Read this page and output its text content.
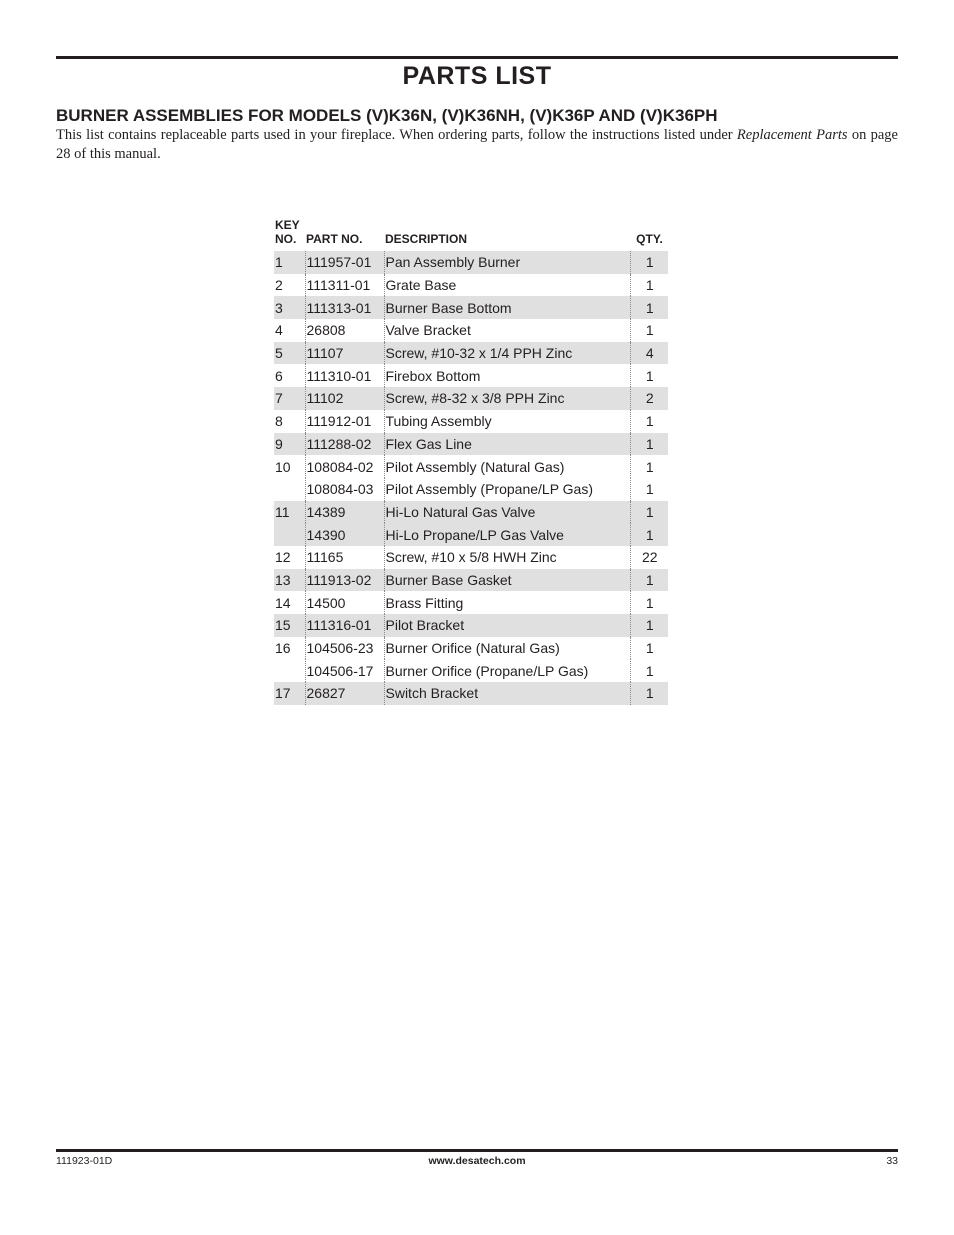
PARTS LIST
BURNER ASSEMBLIES FOR MODELS (V)K36N, (V)K36NH, (V)K36P AND (V)K36PH
This list contains replaceable parts used in your fireplace. When ordering parts, follow the instructions listed under Replacement Parts on page 28 of this manual.
KEY
NO.	PART NO.	DESCRIPTION	QTY.
1	111957-01	Pan Assembly Burner	1
2	111311-01	Grate Base	1
3	111313-01	Burner Base Bottom	1
4	26808	Valve Bracket	1
5	11107	Screw, #10-32 x 1/4 PPH Zinc	4
6	111310-01	Firebox Bottom	1
7	11102	Screw, #8-32 x 3/8 PPH Zinc	2
8	111912-01	Tubing Assembly	1
9	111288-02	Flex Gas Line	1
10	108084-02	Pilot Assembly (Natural Gas)	1
	108084-03	Pilot Assembly (Propane/LP Gas)	1
11	14389	Hi-Lo Natural Gas Valve	1
	14390	Hi-Lo Propane/LP Gas Valve	1
12	11165	Screw, #10 x 5/8 HWH Zinc	22
13	111913-02	Burner Base Gasket	1
14	14500	Brass Fitting	1
15	111316-01	Pilot Bracket	1
16	104506-23	Burner Orifice (Natural Gas)	1
	104506-17	Burner Orifice (Propane/LP Gas)	1
17	26827	Switch Bracket	1
111923-01D	www.desatech.com	33
